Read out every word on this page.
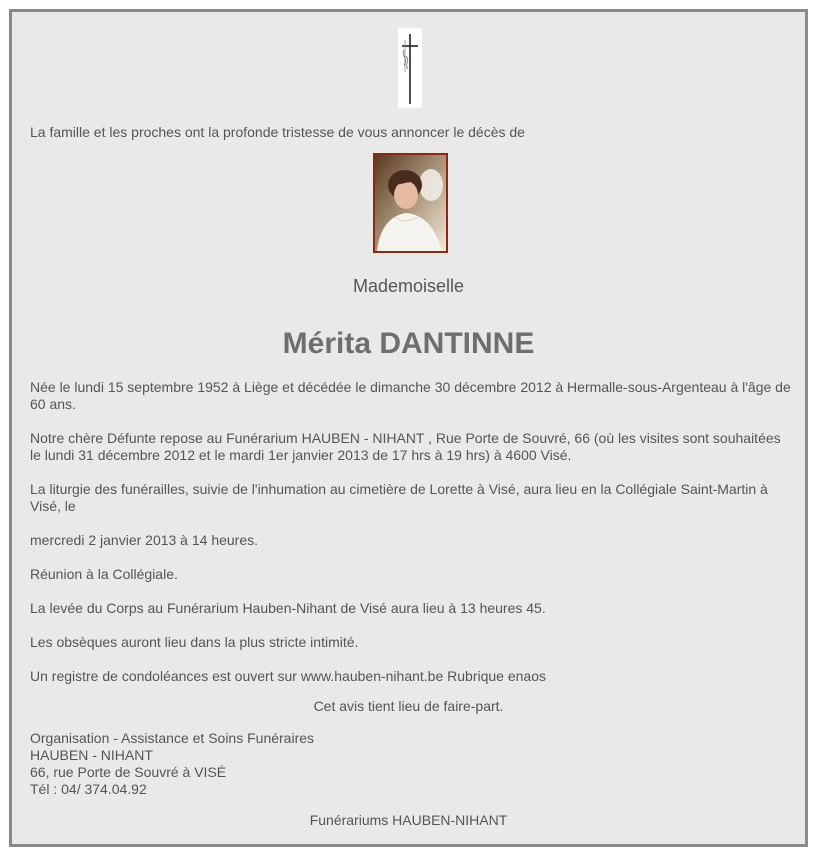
La famille et les proches ont la profonde tristesse de vous annoncer le décès de

Mademoiselle

Mérita DANTINNE

Née le lundi 15 septembre 1952 à Liège et décédée le dimanche 30 décembre 2012 à Hermalle-sous-Argenteau à l'âge de 60 ans.

Notre chère Défunte repose au Funérarium HAUBEN - NIHANT , Rue Porte de Souvré, 66 (où les visites sont souhaitées le lundi 31 décembre 2012 et le mardi 1er janvier 2013 de 17 hrs à 19 hrs) à 4600 Visé.

La liturgie des funérailles, suivie de l'inhumation au cimetière de Lorette à Visé, aura lieu en la Collégiale Saint-Martin à Visé, le

mercredi 2 janvier 2013 à 14 heures.

Réunion à la Collégiale.

La levée du Corps au Funérarium Hauben-Nihant de Visé aura lieu à 13 heures 45.

Les obsèques auront lieu dans la plus stricte intimité.

Un registre de condoléances est ouvert sur www.hauben-nihant.be Rubrique enaos

Cet avis tient lieu de faire-part.

Organisation - Assistance et Soins Funéraires
HAUBEN - NIHANT
66, rue Porte de Souvré à VISÉ
Tél : 04/ 374.04.92

Funérariums HAUBEN-NIHANT
